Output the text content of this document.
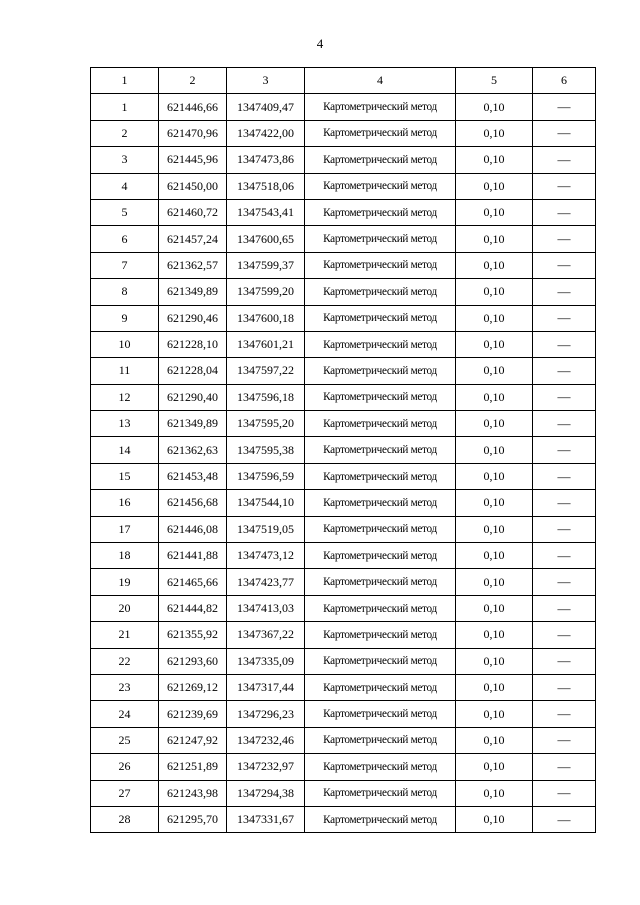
4
1	2	3	4	5	6
1	621446,66	1347409,47	Картометрический метод	0,10	—
2	621470,96	1347422,00	Картометрический метод	0,10	—
3	621445,96	1347473,86	Картометрический метод	0,10	—
4	621450,00	1347518,06	Картометрический метод	0,10	—
5	621460,72	1347543,41	Картометрический метод	0,10	—
6	621457,24	1347600,65	Картометрический метод	0,10	—
7	621362,57	1347599,37	Картометрический метод	0,10	—
8	621349,89	1347599,20	Картометрический метод	0,10	—
9	621290,46	1347600,18	Картометрический метод	0,10	—
10	621228,10	1347601,21	Картометрический метод	0,10	—
11	621228,04	1347597,22	Картометрический метод	0,10	—
12	621290,40	1347596,18	Картометрический метод	0,10	—
13	621349,89	1347595,20	Картометрический метод	0,10	—
14	621362,63	1347595,38	Картометрический метод	0,10	—
15	621453,48	1347596,59	Картометрический метод	0,10	—
16	621456,68	1347544,10	Картометрический метод	0,10	—
17	621446,08	1347519,05	Картометрический метод	0,10	—
18	621441,88	1347473,12	Картометрический метод	0,10	—
19	621465,66	1347423,77	Картометрический метод	0,10	—
20	621444,82	1347413,03	Картометрический метод	0,10	—
21	621355,92	1347367,22	Картометрический метод	0,10	—
22	621293,60	1347335,09	Картометрический метод	0,10	—
23	621269,12	1347317,44	Картометрический метод	0,10	—
24	621239,69	1347296,23	Картометрический метод	0,10	—
25	621247,92	1347232,46	Картометрический метод	0,10	—
26	621251,89	1347232,97	Картометрический метод	0,10	—
27	621243,98	1347294,38	Картометрический метод	0,10	—
28	621295,70	1347331,67	Картометрический метод	0,10	—
